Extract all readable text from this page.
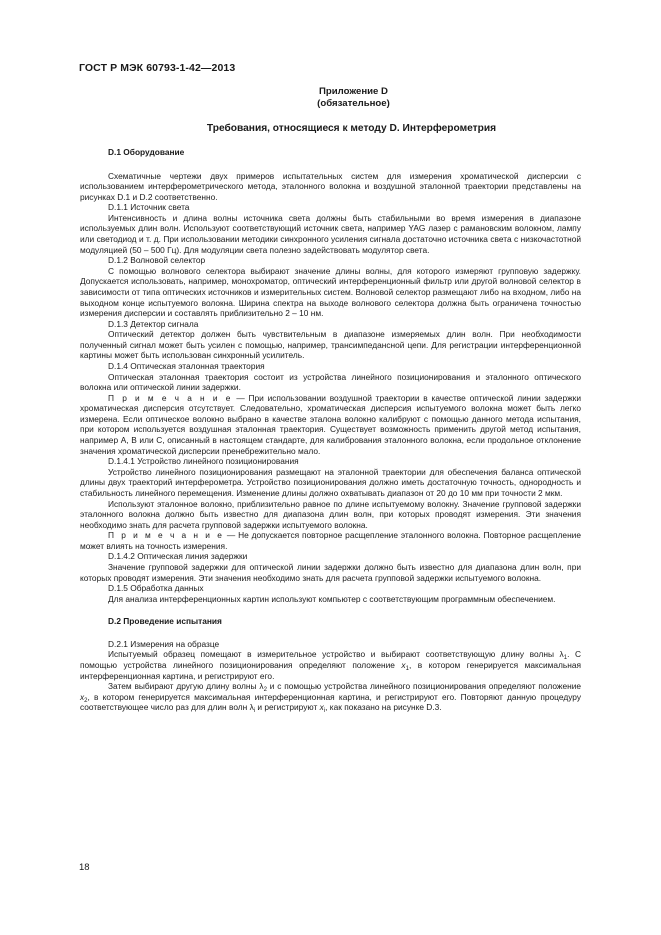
ГОСТ Р МЭК 60793-1-42—2013
Приложение D
(обязательное)
Требования, относящиеся к методу D. Интерферометрия

D.1 Оборудование

Схематичные чертежи двух примеров испытательных систем для измерения хроматической дисперсии с использованием интерферометрического метода, эталонного волокна и воздушной эталонной траектории представлены на рисунках D.1 и D.2 соответственно.

D.1.1 Источник света

Интенсивность и длина волны источника света должны быть стабильными во время измерения в диапазоне используемых длин волн. Используют соответствующий источник света, например YAG лазер с рамановским волокном, лампу или светодиод и т. д. При использовании методики синхронного усиления сигнала достаточно источника света с низкочастотной модуляцией (50 – 500 Гц). Для модуляции света полезно задействовать модулятор света.

D.1.2 Волновой селектор

С помощью волнового селектора выбирают значение длины волны, для которого измеряют групповую задержку. Допускается использовать, например, монохроматор, оптический интерференционный фильтр или другой волновой селектор в зависимости от типа оптических источников и измерительных систем. Волновой селектор размещают либо на входном, либо на выходном конце испытуемого волокна. Ширина спектра на выходе волнового селектора должна быть ограничена точностью измерения дисперсии и составлять приблизительно 2 – 10 нм.

D.1.3 Детектор сигнала

Оптический детектор должен быть чувствительным в диапазоне измеряемых длин волн. При необходимости полученный сигнал может быть усилен с помощью, например, трансимпедансной цепи. Для регистрации интерференционной картины может быть использован синхронный усилитель.

D.1.4 Оптическая эталонная траектория

Оптическая эталонная траектория состоит из устройства линейного позиционирования и эталонного оптического волокна или оптической линии задержки.

П р и м е ч а н и е — При использовании воздушной траектории в качестве оптической линии задержки хроматическая дисперсия отсутствует. Следовательно, хроматическая дисперсия испытуемого волокна может быть легко измерена. Если оптическое волокно выбрано в качестве эталона волокно калибруют с помощью данного метода испытания, при котором используется воздушная эталонная траектория. Существует возможность применить другой метод испытания, например А, В или С, описанный в настоящем стандарте, для калибрования эталонного волокна, если продольное отклонение значения хроматической дисперсии пренебрежительно мало.

D.1.4.1 Устройство линейного позиционирования

Устройство линейного позиционирования размещают на эталонной траектории для обеспечения баланса оптической длины двух траекторий интерферометра. Устройство позиционирования должно иметь достаточную точность, однородность и стабильность линейного перемещения. Изменение длины должно охватывать диапазон от 20 до 10 мм при точности 2 мкм.

Используют эталонное волокно, приблизительно равное по длине испытуемому волокну. Значение групповой задержки эталонного волокна должно быть известно для диапазона длин волн, при которых проводят измерения. Эти значения необходимо знать для расчета групповой задержки испытуемого волокна.

П р и м е ч а н и е — Не допускается повторное расщепление эталонного волокна. Повторное расщепление может влиять на точность измерения.

D.1.4.2 Оптическая линия задержки

Значение групповой задержки для оптической линии задержки должно быть известно для диапазона длин волн, при которых проводят измерения. Эти значения необходимо знать для расчета групповой задержки испытуемого волокна.

D.1.5 Обработка данных

Для анализа интерференционных картин используют компьютер с соответствующим программным обеспечением.

D.2 Проведение испытания

D.2.1 Измерения на образце

Испытуемый образец помещают в измерительное устройство и выбирают соответствующую длину волны $\lambda_1$. С помощью устройства линейного позиционирования определяют положение $x_1$, в котором генерируется максимальная интерференционная картина, и регистрируют его.

Затем выбирают другую длину волны $\lambda_2$ и с помощью устройства линейного позиционирования определяют положение $x_2$, в котором генерируется максимальная интерференционная картина, и регистрируют его. Повторяют данную процедуру соответствующее число раз для длин волн $\lambda_i$ и регистрируют $x_i$, как показано на рисунке D.3.

18
